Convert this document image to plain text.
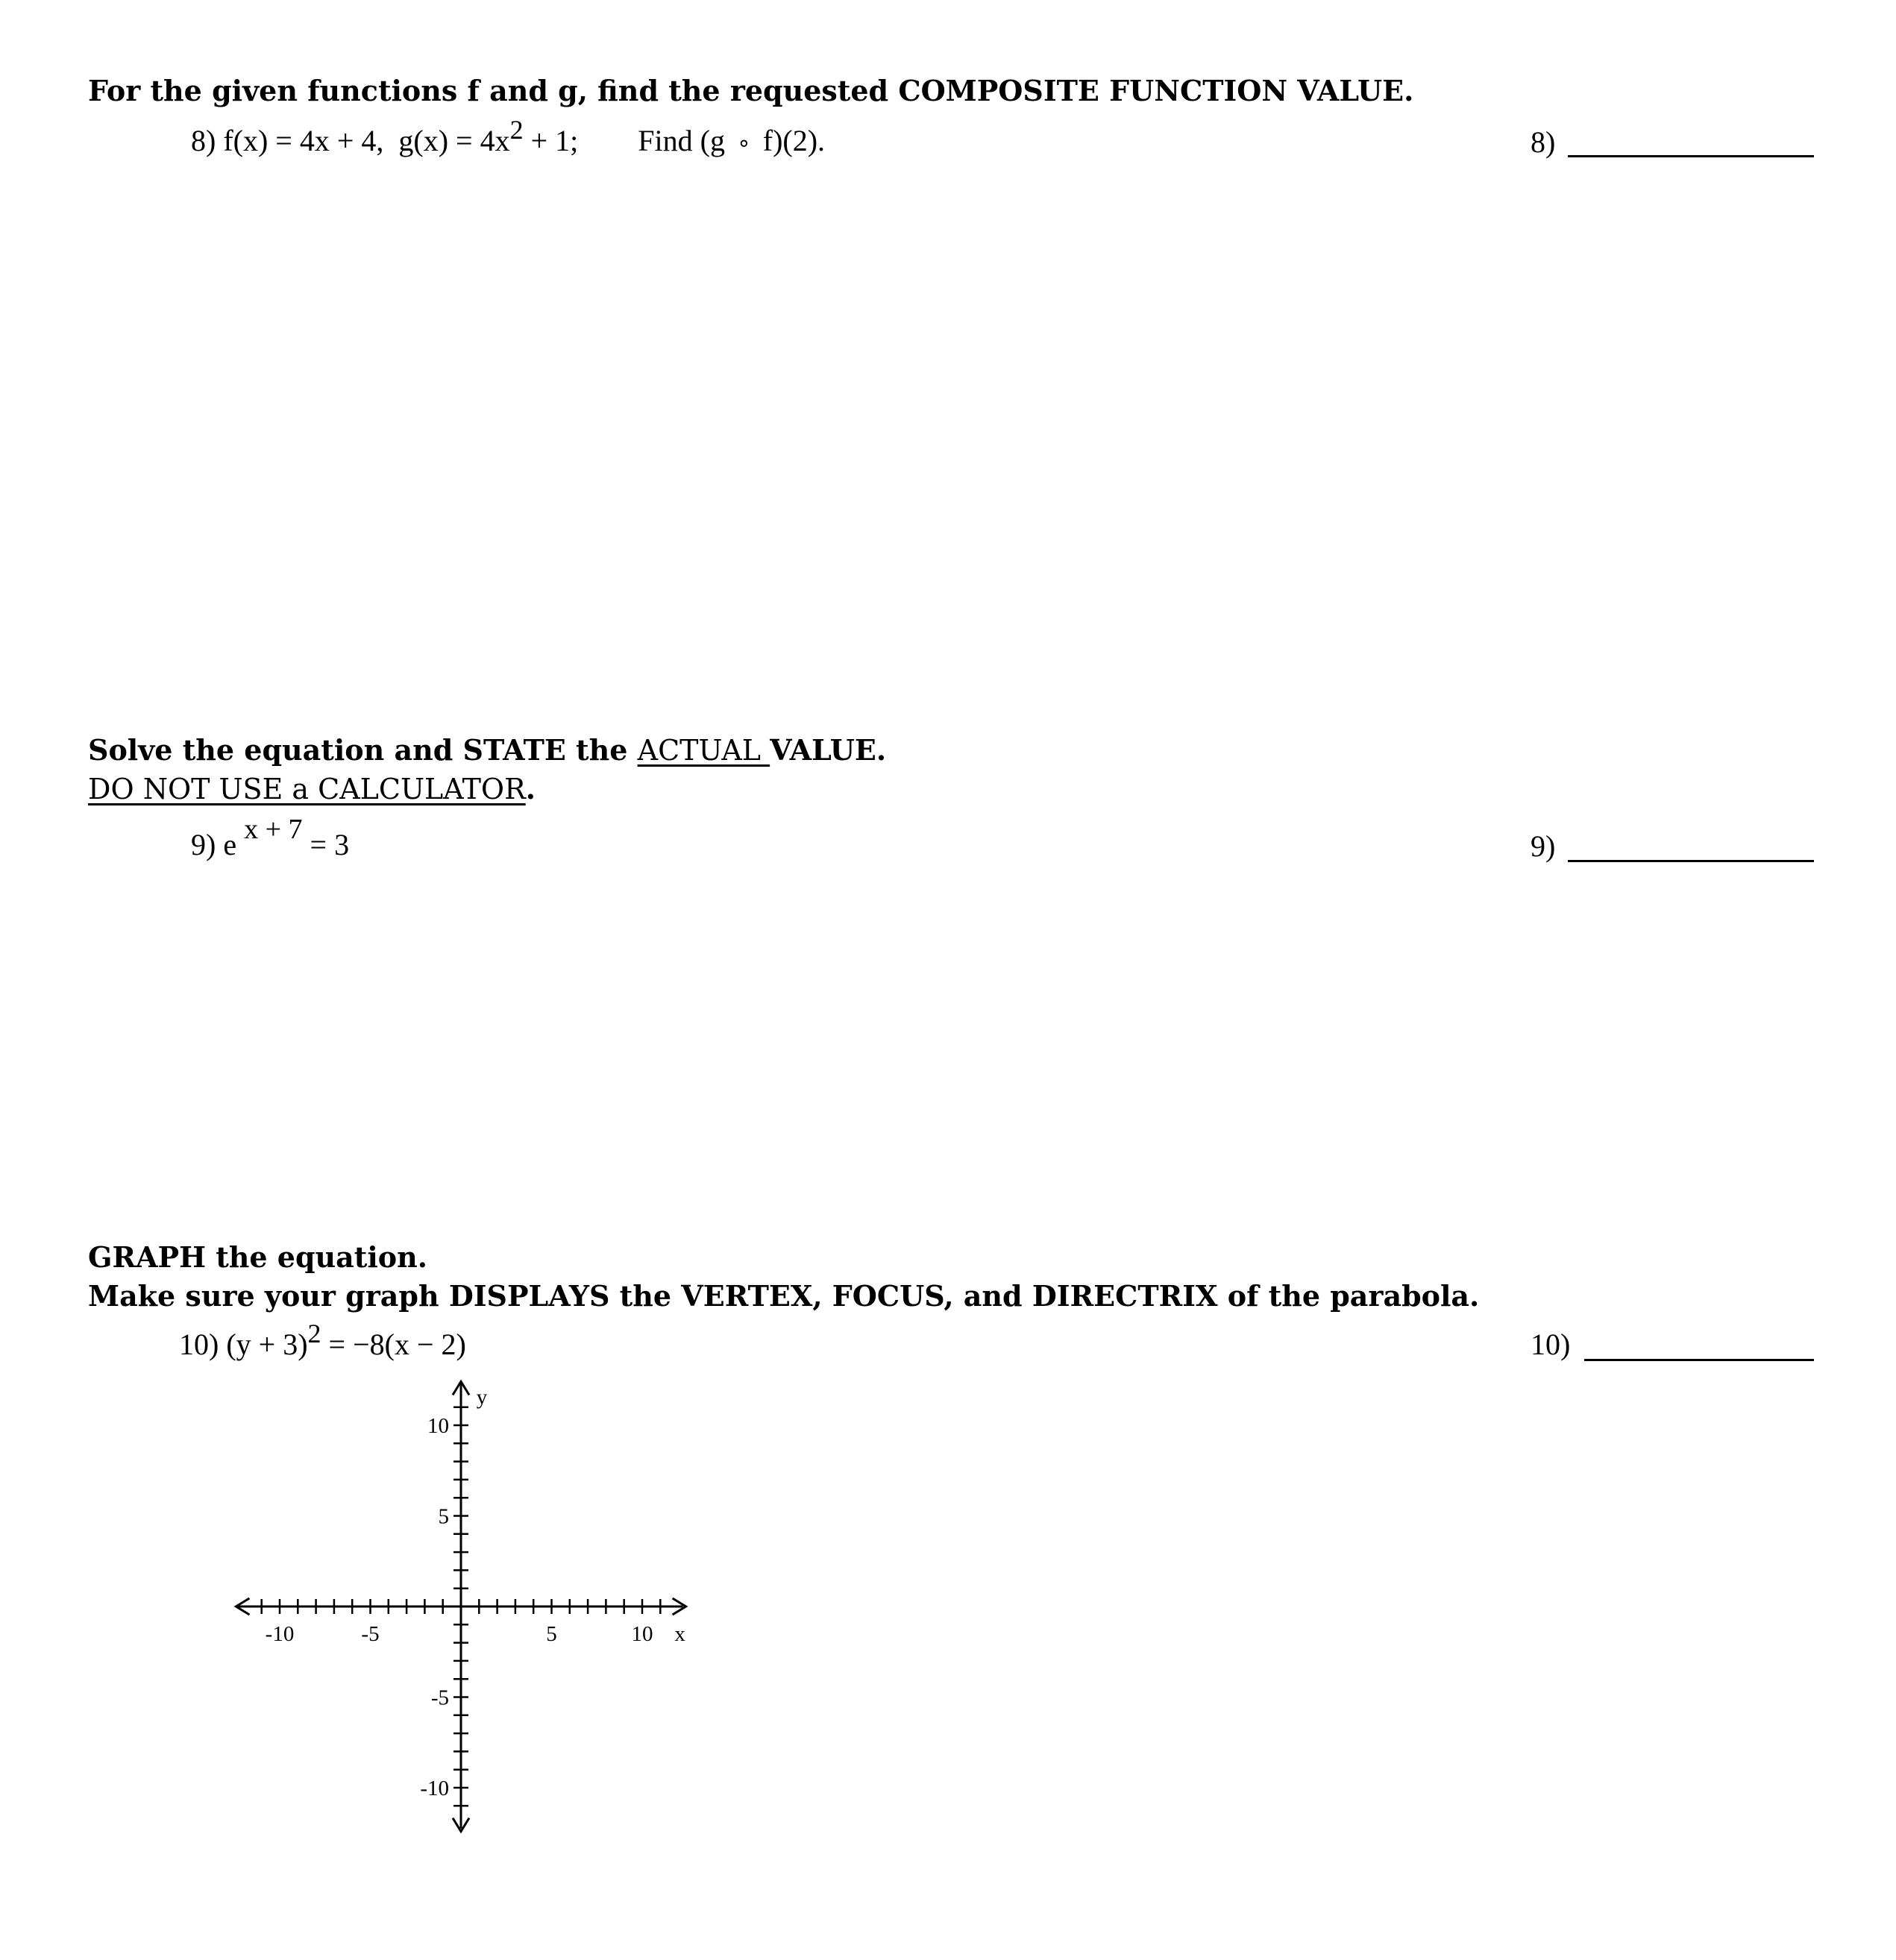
For the given functions f and g, find the requested COMPOSITE FUNCTION VALUE.
8) f(x) = 4x + 4, g(x) = 4x2 + 1; Find (g ∘ f)(2).	8)
Solve the equation and STATE the ACTUAL VALUE.
DO NOT USE a CALCULATOR.
9) e x + 7 = 3	9)
GRAPH the equation.
Make sure your graph DISPLAYS the VERTEX, FOCUS, and DIRECTRIX of the parabola.
10) (y + 3)2 = −8(x − 2)	10)
-10	-5	5	10
10
5
-5
-10
x
y
